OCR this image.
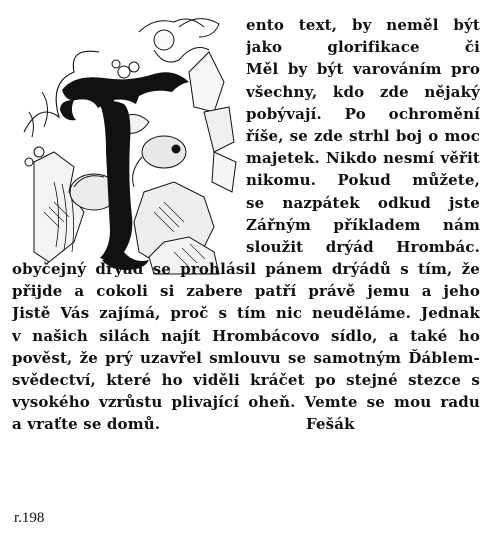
ento text, by neměl být
jako glorifikace či
Měl by být varováním pro
všechny, kdo zde nějaký
pobývají. Po ochromění
říše, se zde strhl boj o moc
majetek. Nikdo nesmí věřit
nikomu. Pokud můžete,
se nazpátek odkud jste
Zářným příkladem nám
sloužit drýád Hrombác.
obyčejný drýád se prohlásil pánem drýádů s tím, že
přijde a cokoli si zabere patří právě jemu a jeho
Jistě Vás zajímá, proč s tím nic neuděláme. Jednak
v našich silách najít Hrombácovo sídlo, a také ho
pověst, že prý uzavřel smlouvu se samotným Ďáblem-
svědectví, které ho viděli kráčet po stejné stezce s
vysokého vzrůstu plivající oheň. Vemte se mou radu
a vraťte se domů.	Fešák
r.198
